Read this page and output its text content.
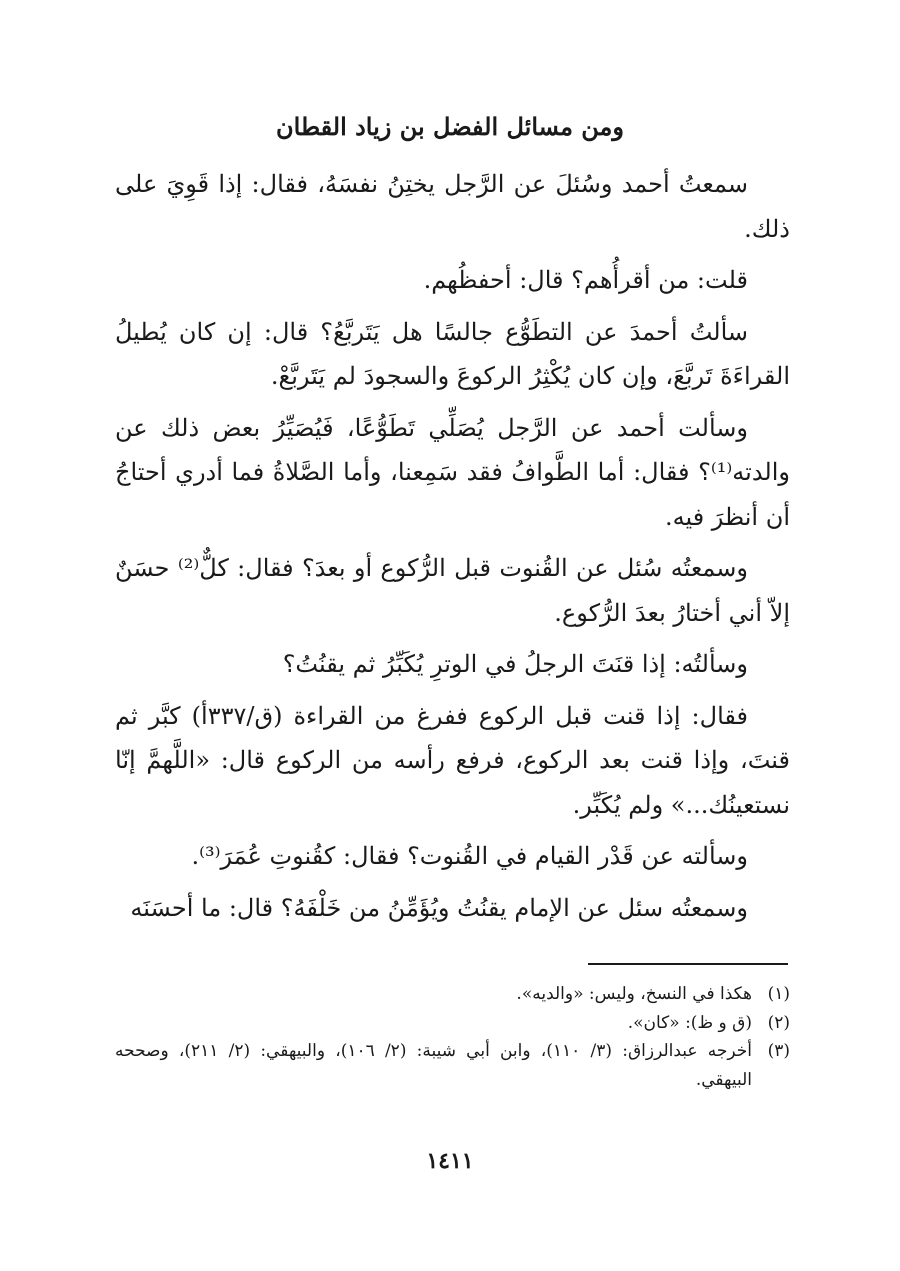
ومن مسائل الفضل بن زياد القطان

سمعتُ أحمد وسُئلَ عن الرَّجل يختِنُ نفسَهُ، فقال: إذا قَوِيَ على ذلك.

قلت: من أقرأُهم؟ قال: أحفظُهم.

سألتُ أحمدَ عن التطَوُّع جالسًا هل يَتَربَّعُ؟ قال: إن كان يُطيلُ القراءَةَ تَربَّعَ، وإن كان يُكْثِرُ الركوعَ والسجودَ لم يَتَربَّعْ.

وسألت أحمد عن الرَّجل يُصَلِّي تَطَوُّعًا، فَيُصَيِّرُ بعض ذلك عن والدته⁽¹⁾؟ فقال: أما الطَّوافُ فقد سَمِعنا، وأما الصَّلاةُ فما أدري أحتاجُ أن أنظرَ فيه.

وسمعتُه سُئل عن القُنوت قبل الرُّكوع أو بعدَ؟ فقال: كلٌّ⁽²⁾ حسَنٌ إلاّ أني أختارُ بعدَ الرُّكوع.

وسألتُه: إذا قنَتَ الرجلُ في الوترِ يُكَبِّرُ ثم يقنُتُ؟

فقال: إذا قنت قبل الركوع ففرغ من القراءة (ق/٣٣٧أ) كبَّر ثم قنتَ، وإذا قنت بعد الركوع، فرفع رأسه من الركوع قال: «اللَّهمَّ إنّا نستعينُك...» ولم يُكَبِّر.

وسألته عن قَدْر القيام في القُنوت؟ فقال: كقُنوتِ عُمَرَ⁽³⁾.

وسمعتُه سئل عن الإمام يقنُتُ ويُؤَمِّنُ من خَلْفَهُ؟ قال: ما أحسَنَه

(١)
هكذا في النسخ، وليس: «والديه».
(٢)
(ق و ظ): «كان».
(٣)
أخرجه عبدالرزاق: (٣/ ١١٠)، وابن أبي شيبة: (٢/ ١٠٦)، والبيهقي: (٢/ ٢١١)، وصححه البيهقي.
١٤١١
